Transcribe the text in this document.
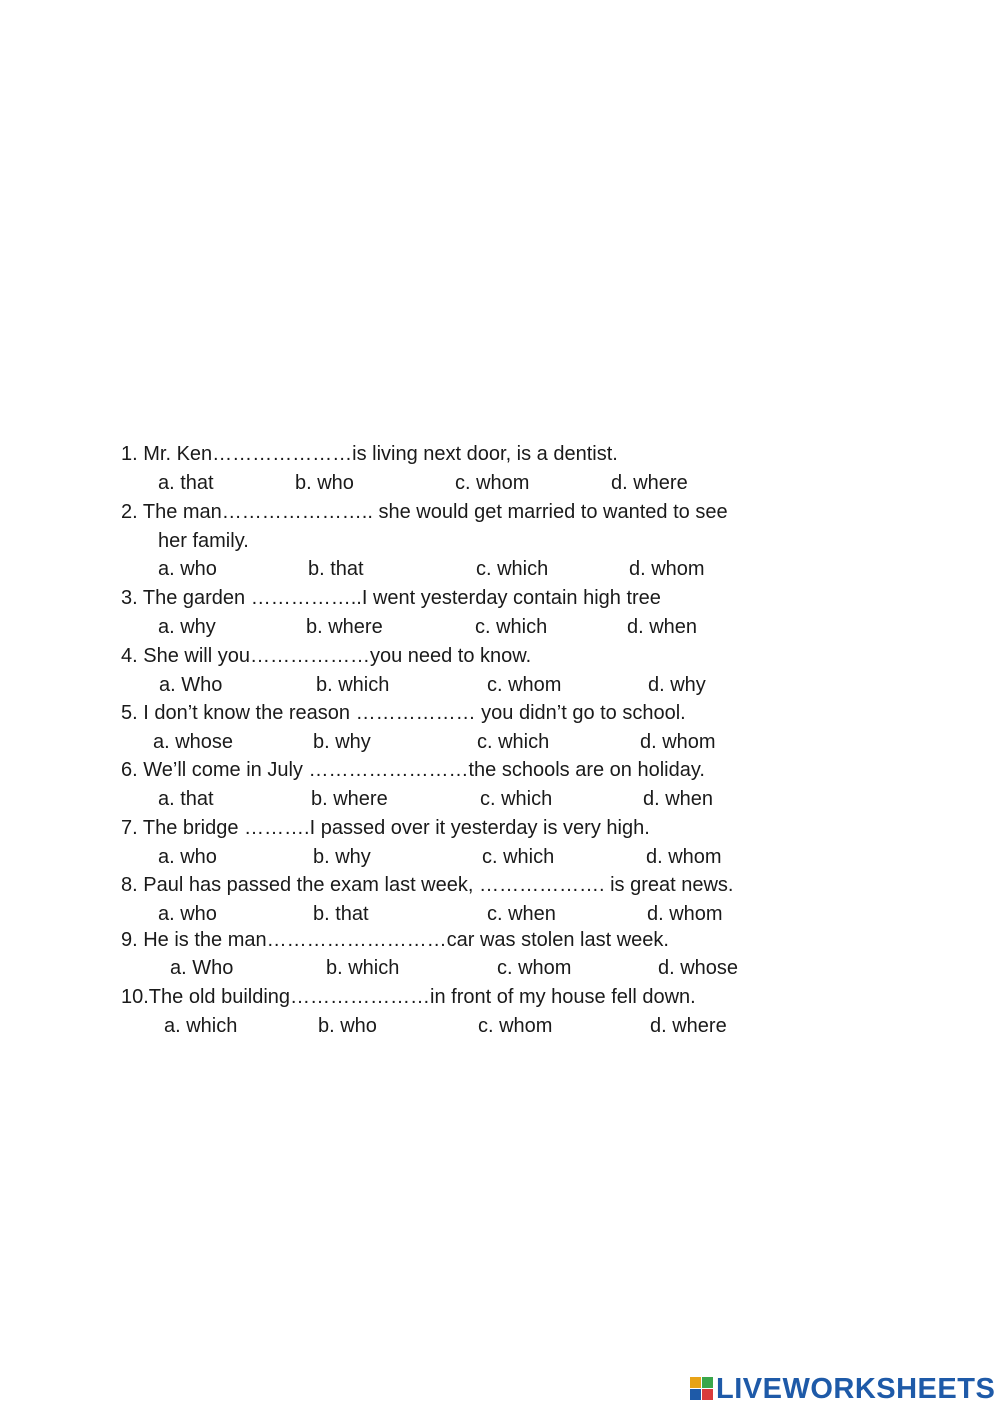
1. Mr. Ken…………………is living next door, is a dentist.
a. that	b. who	c. whom	d. where
2. The man………………….. she would get married to wanted to see
her family.
a. who	b. that	c. which	d. whom
3. The garden ……………..I went yesterday contain high tree
a. why	b. where	c. which	d. when
4. She will you………………you need to know.
a. Who	b. which	c. whom	d. why
5. I don’t know the reason ……………… you didn’t go to school.
a. whose	b. why	c. which	d. whom
6. We’ll come in July ……………………the schools are on holiday.
a. that	b. where	c. which	d. when
7. The bridge ……….I passed over it yesterday is very high.
a. who	b. why	c. which	d. whom
8. Paul has passed the exam last week, ………………. is great news.
a. who	b. that	c. when	d. whom
9. He is the man………………………car was stolen last week.
a. Who	b. which	c. whom	d. whose
10.The old building…………………in front of my house fell down.
a. which	b. who	c. whom	d. where
LIVEWORKSHEETS
